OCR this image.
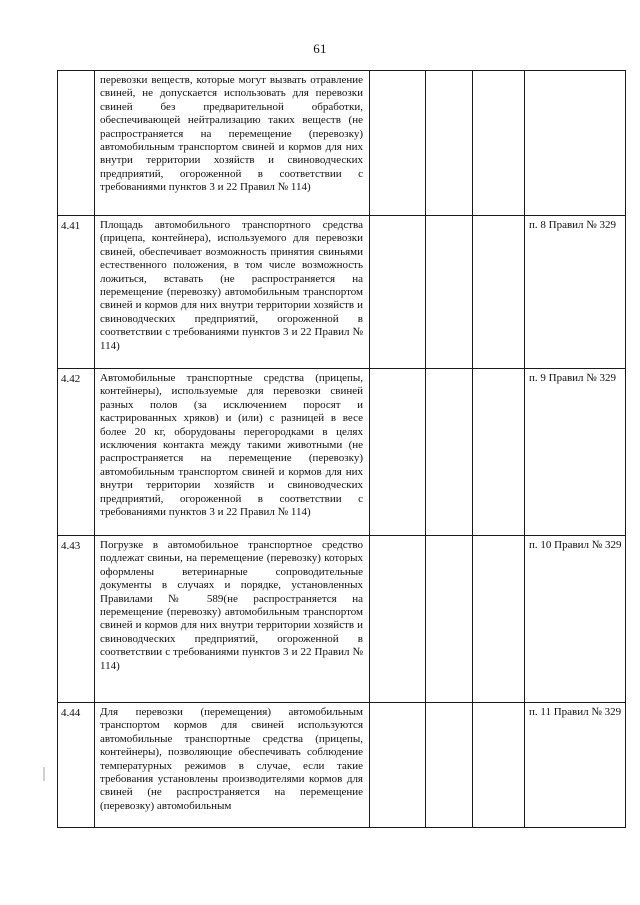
61

	перевозки веществ, которые могут вызвать отравление свиней, не допускается использовать для перевозки свиней без предварительной обработки, обеспечивающей нейтрализацию таких веществ (не распространяется на перемещение (перевозку) автомобильным транспортом свиней и кормов для них внутри территории хозяйств и свиноводческих предприятий, огороженной в соответствии с требованиями пунктов 3 и 22 Правил № 114)				

4.41	Площадь автомобильного транспортного средства (прицепа, контейнера), используемого для перевозки свиней, обеспечивает возможность принятия свиньями естественного положения, в том числе возможность ложиться, вставать (не распространяется на перемещение (перевозку) автомобильным транспортом свиней и кормов для них внутри территории хозяйств и свиноводческих предприятий, огороженной в соответствии с требованиями пунктов 3 и 22 Правил № 114)				п. 8 Правил № 329

4.42	Автомобильные транспортные средства (прицепы, контейнеры), используемые для перевозки свиней разных полов (за исключением поросят и кастрированных хряков) и (или) с разницей в весе более 20 кг, оборудованы перегородками в целях исключения контакта между такими животными (не распространяется на перемещение (перевозку) автомобильным транспортом свиней и кормов для них внутри территории хозяйств и свиноводческих предприятий, огороженной в соответствии с требованиями пунктов 3 и 22 Правил № 114)				п. 9 Правил № 329

4.43	Погрузке в автомобильное транспортное средство подлежат свиньи, на перемещение (перевозку) которых оформлены ветеринарные сопроводительные документы в случаях и порядке, установленных Правилами № 589(не распространяется на перемещение (перевозку) автомобильным транспортом свиней и кормов для них внутри территории хозяйств и свиноводческих предприятий, огороженной в соответствии с требованиями пунктов 3 и 22 Правил № 114)				п. 10 Правил № 329

4.44	Для перевозки (перемещения) автомобильным транспортом кормов для свиней используются автомобильные транспортные средства (прицепы, контейнеры), позволяющие обеспечивать соблюдение температурных режимов в случае, если такие требования установлены производителями кормов для свиней (не распространяется на перемещение (перевозку) автомобильным				п. 11 Правил № 329
